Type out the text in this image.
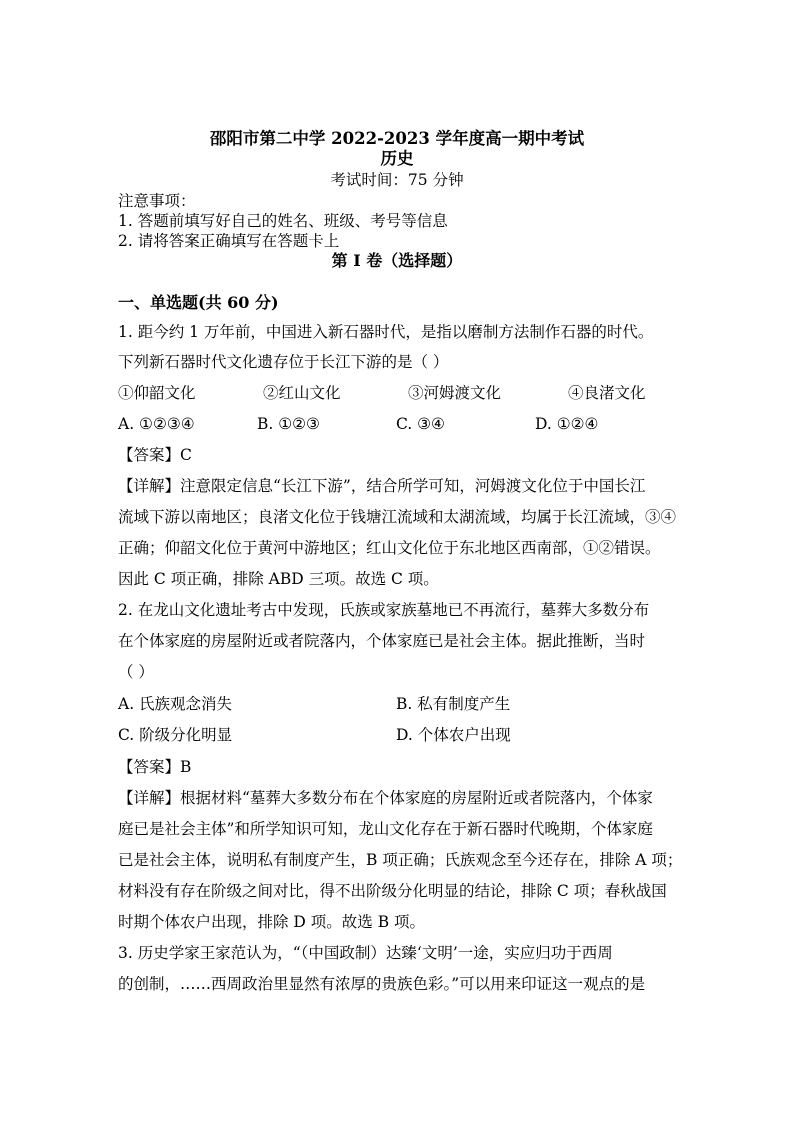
邵阳市第二中学 2022-2023 学年度高一期中考试
历史
考试时间：75 分钟
注意事项：
1. 答题前填写好自己的姓名、班级、考号等信息
2. 请将答案正确填写在答题卡上
第 I 卷（选择题）
一、单选题(共 60 分)
1. 距今约 1 万年前，中国进入新石器时代，是指以磨制方法制作石器的时代。
下列新石器时代文化遗存位于长江下游的是（ ）
①仰韶文化	②红山文化	③河姆渡文化	④良渚文化
A. ①②③④	B. ①②③	C. ③④	D. ①②④
【答案】C
【详解】注意限定信息“长江下游”，结合所学可知，河姆渡文化位于中国长江
流域下游以南地区；良渚文化位于钱塘江流域和太湖流域，均属于长江流域，③④
正确；仰韶文化位于黄河中游地区；红山文化位于东北地区西南部，①②错误。
因此 C 项正确，排除 ABD 三项。故选 C 项。
2. 在龙山文化遗址考古中发现，氏族或家族墓地已不再流行，墓葬大多数分布
在个体家庭的房屋附近或者院落内，个体家庭已是社会主体。据此推断，当时
（ ）
A. 氏族观念消失	B. 私有制度产生
C. 阶级分化明显	D. 个体农户出现
【答案】B
【详解】根据材料“墓葬大多数分布在个体家庭的房屋附近或者院落内，个体家
庭已是社会主体”和所学知识可知，龙山文化存在于新石器时代晚期，个体家庭
已是社会主体，说明私有制度产生，B 项正确；氏族观念至今还存在，排除 A 项；
材料没有存在阶级之间对比，得不出阶级分化明显的结论，排除 C 项；春秋战国
时期个体农户出现，排除 D 项。故选 B 项。
3. 历史学家王家范认为，“（中国政制）达臻‘文明’一途，实应归功于西周
的创制，……西周政治里显然有浓厚的贵族色彩。”可以用来印证这一观点的是
